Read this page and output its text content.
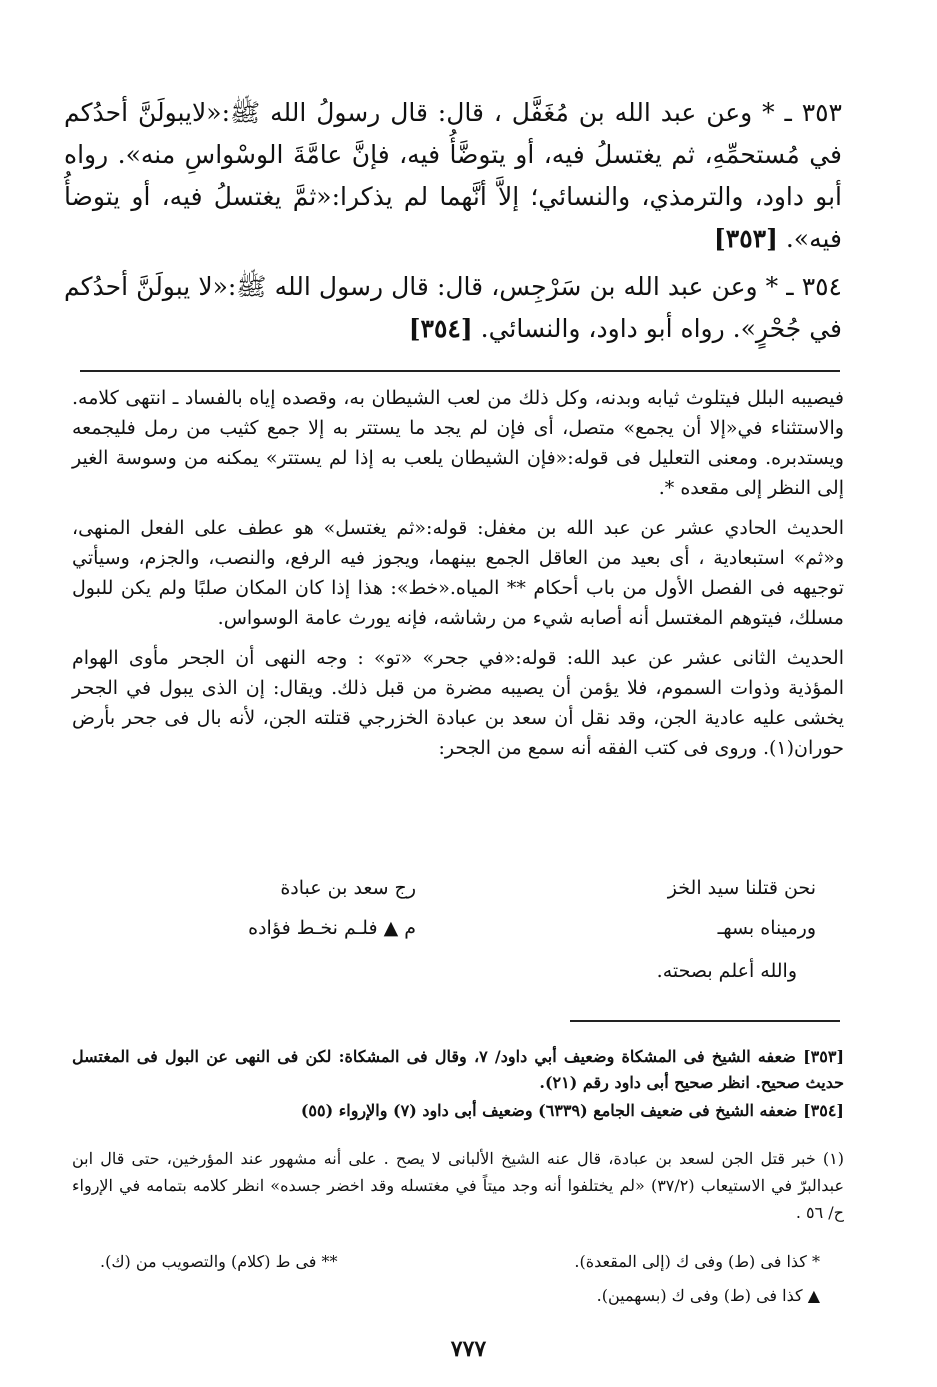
٣٥٣ ـ * وعن عبد الله بن مُغَفَّل ، قال: قال رسولُ الله ﷺ:«لايبولَنَّ أحدُكم في مُستحمِّهِ، ثم يغتسلُ فيه، أو يتوضَّأُ فيه، فإنَّ عامَّةَ الوسْواسِ منه». رواه أبو داود، والترمذي، والنسائي؛ إلاَّ أنَّهما لم يذكرا:«ثمَّ يغتسلُ فيه، أو يتوضأُ فيه». [٣٥٣]

٣٥٤ ـ * وعن عبد الله بن سَرْجِس، قال: قال رسول الله ﷺ:«لا يبولَنَّ أحدُكم في جُحْرٍ». رواه أبو داود، والنسائي. [٣٥٤]

فيصيبه البلل فيتلوث ثيابه وبدنه، وكل ذلك من لعب الشيطان به، وقصده إياه بالفساد ـ انتهى كلامه. والاستثناء في«إلا أن يجمع» متصل، أى فإن لم يجد ما يستتر به إلا جمع كثيب من رمل فليجمعه ويستدبره. ومعنى التعليل فى قوله:«فإن الشيطان يلعب به إذا لم يستتر» يمكنه من وسوسة الغير إلى النظر إلى مقعده *.

الحديث الحادي عشر عن عبد الله بن مغفل: قوله:«ثم يغتسل» هو عطف على الفعل المنهى، و«ثم» استبعادية ، أى بعيد من العاقل الجمع بينهما، ويجوز فيه الرفع، والنصب، والجزم، وسيأتي توجيهه فى الفصل الأول من باب أحكام ** المياه.«خط»: هذا إذا كان المكان صلبًا ولم يكن للبول مسلك، فيتوهم المغتسل أنه أصابه شيء من رشاشه، فإنه يورث عامة الوسواس.

الحديث الثانى عشر عن عبد الله: قوله:«في جحر» «تو» : وجه النهى أن الجحر مأوى الهوام المؤذية وذوات السموم، فلا يؤمن أن يصيبه مضرة من قبل ذلك. ويقال: إن الذى يبول في الجحر يخشى عليه عادية الجن، وقد نقل أن سعد بن عبادة الخزرجي قتلته الجن، لأنه بال فى جحر بأرض حوران(١). وروى فى كتب الفقه أنه سمع من الجحر:

نحن قتلنا سيد الخز
رج سعد بن عبادة
ورميناه بسهـ
م ▲ فلـم نخـط فؤاده
والله أعلم بصحته.

[٣٥٣] ضعفه الشيخ فى المشكاة وضعيف أبي داود/ ٧، وقال فى المشكاة: لكن فى النهى عن البول فى المغتسل حديث صحيح. انظر صحيح أبى داود رقم (٢١).

[٣٥٤] ضعفه الشيخ فى ضعيف الجامع (٦٣٣٩) وضعيف أبى داود (٧) والإرواء (٥٥)

(١) خبر قتل الجن لسعد بن عبادة، قال عنه الشيخ الألبانى لا يصح . على أنه مشهور عند المؤرخين، حتى قال ابن عبدالبرّ في الاستيعاب (٣٧/٢) «لم يختلفوا أنه وجد ميتاً في مغتسله وقد اخضر جسده» انظر كلامه بتمامه في الإرواء ح/ ٥٦ .

* كذا فى (ط) وفى ك (إلى المقعدة).
** فى ط (كلام) والتصويب من (ك).
▲ كذا فى (ط) وفى ك (بسهمين).
٧٧٧
